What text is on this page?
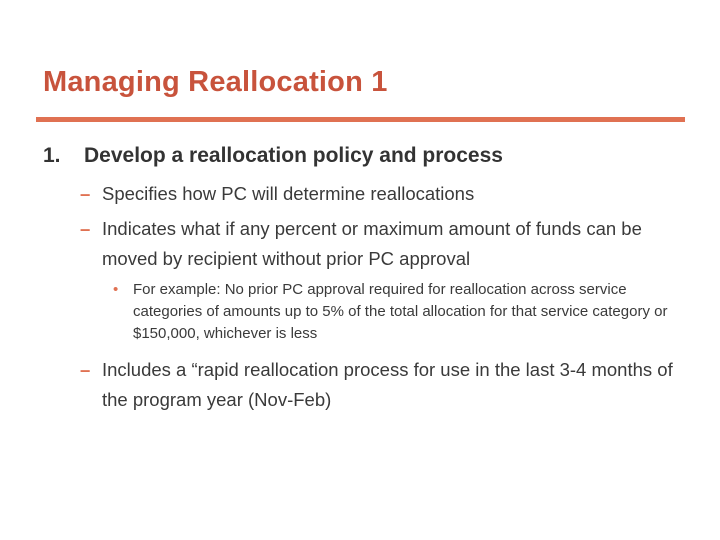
Managing Reallocation 1
1. Develop a reallocation policy and process
– Specifies how PC will determine reallocations
– Indicates what if any percent or maximum amount of funds can be moved by recipient without prior PC approval
• For example: No prior PC approval required for reallocation across service categories of amounts up to 5% of the total allocation for that service category or $150,000, whichever is less
– Includes a “rapid reallocation process for use in the last 3-4 months of the program year (Nov-Feb)
